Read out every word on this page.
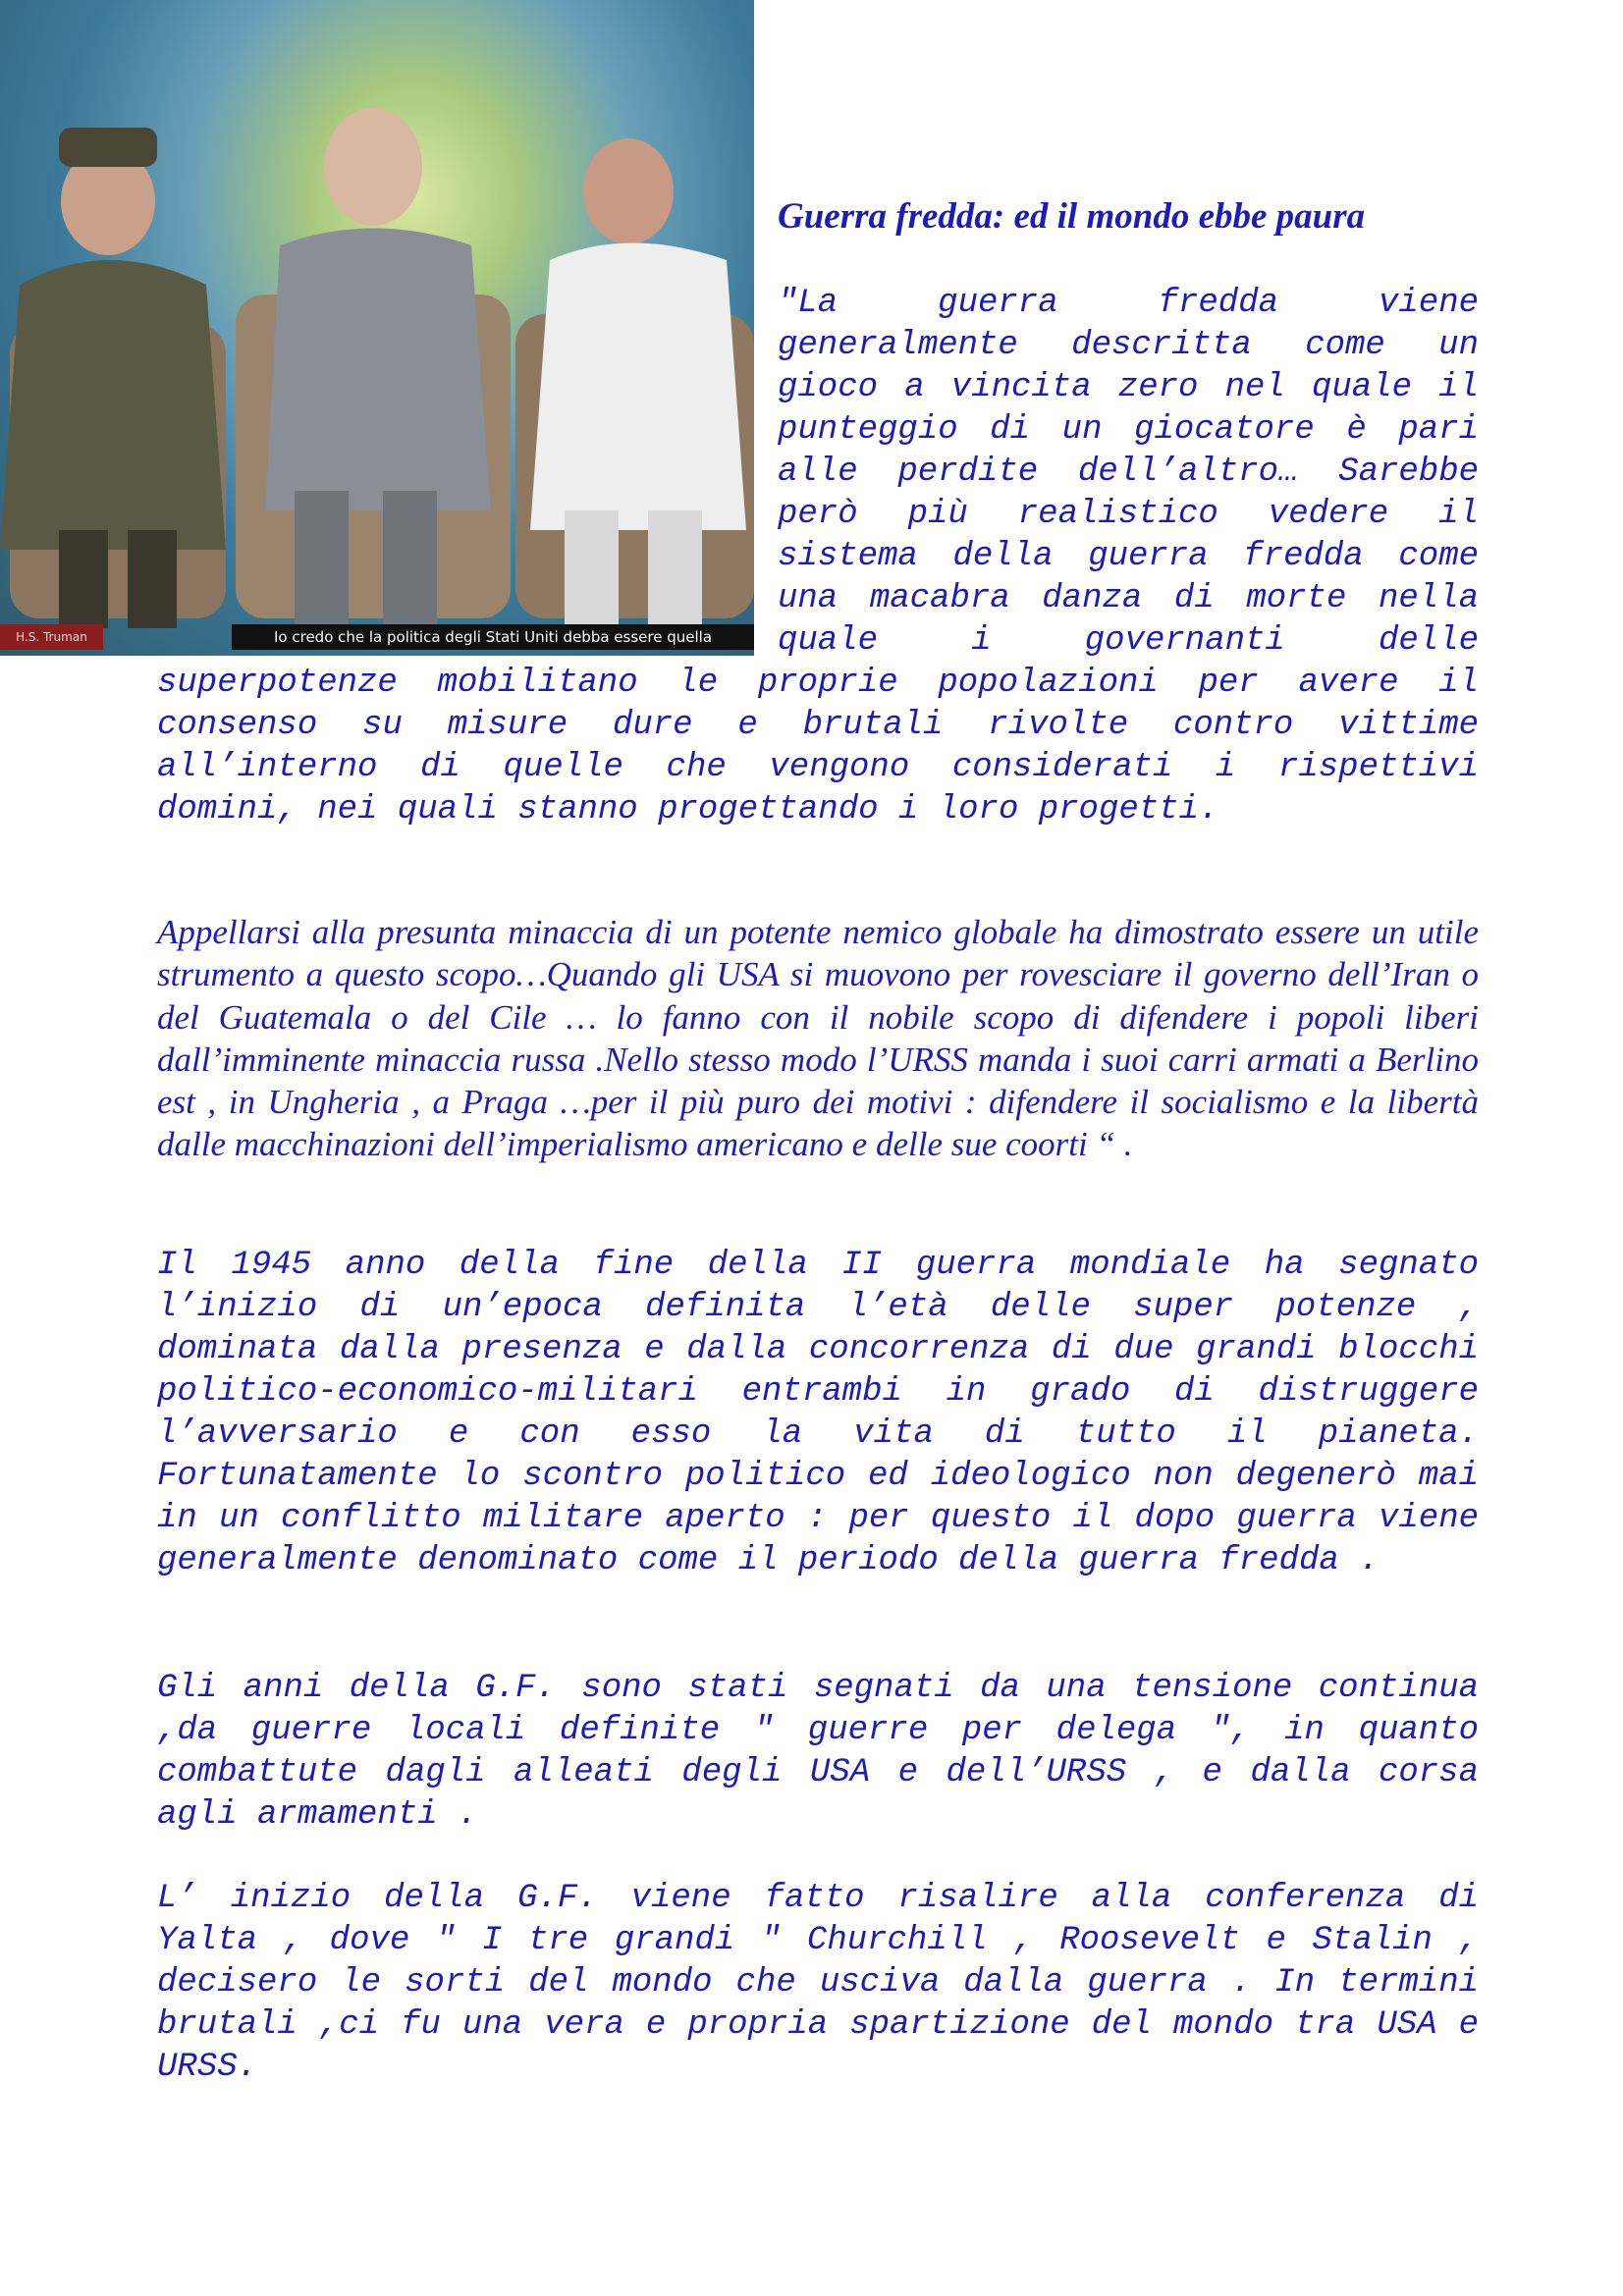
H.S. Truman	Io credo che la politica degli Stati Uniti debba essere quella
Guerra fredda: ed il mondo ebbe paura

"La guerra fredda viene generalmente descritta come un gioco a vincita zero nel quale il punteggio di un giocatore è pari alle perdite dell’altro… Sarebbe però più realistico vedere il sistema della guerra fredda come una macabra danza di morte nella quale i governanti delle superpotenze mobilitano le proprie popolazioni per avere il consenso su misure dure e brutali rivolte contro vittime all’interno di quelle che vengono considerati i rispettivi domini, nei quali stanno progettando i loro progetti.

Appellarsi alla presunta minaccia di un potente nemico globale ha dimostrato essere un utile strumento a questo scopo…Quando gli USA si muovono per rovesciare il governo dell’Iran o del Guatemala o del Cile … lo fanno con il nobile scopo di difendere i popoli liberi dall’imminente minaccia russa .Nello stesso modo l’URSS manda i suoi carri armati a Berlino est , in Ungheria , a Praga …per il più puro dei motivi : difendere il socialismo e la libertà dalle macchinazioni dell’imperialismo americano e delle sue coorti “ .

Il 1945 anno della fine della II guerra mondiale ha segnato l’inizio di un’epoca definita l’età delle super potenze , dominata dalla presenza e dalla concorrenza di due grandi blocchi politico-economico-militari entrambi in grado di distruggere l’avversario e con esso la vita di tutto il pianeta. Fortunatamente lo scontro politico ed ideologico non degenerò mai in un conflitto militare aperto : per questo il dopo guerra viene generalmente denominato come il periodo della guerra fredda .

Gli anni della G.F. sono stati segnati da una tensione continua ,da guerre locali definite " guerre per delega ", in quanto combattute dagli alleati degli USA e dell’URSS , e dalla corsa agli armamenti .

L’ inizio della G.F. viene fatto risalire alla conferenza di Yalta , dove " I tre grandi " Churchill , Roosevelt e Stalin , decisero le sorti del mondo che usciva dalla guerra . In termini brutali ,ci fu una vera e propria spartizione del mondo tra USA e URSS.
